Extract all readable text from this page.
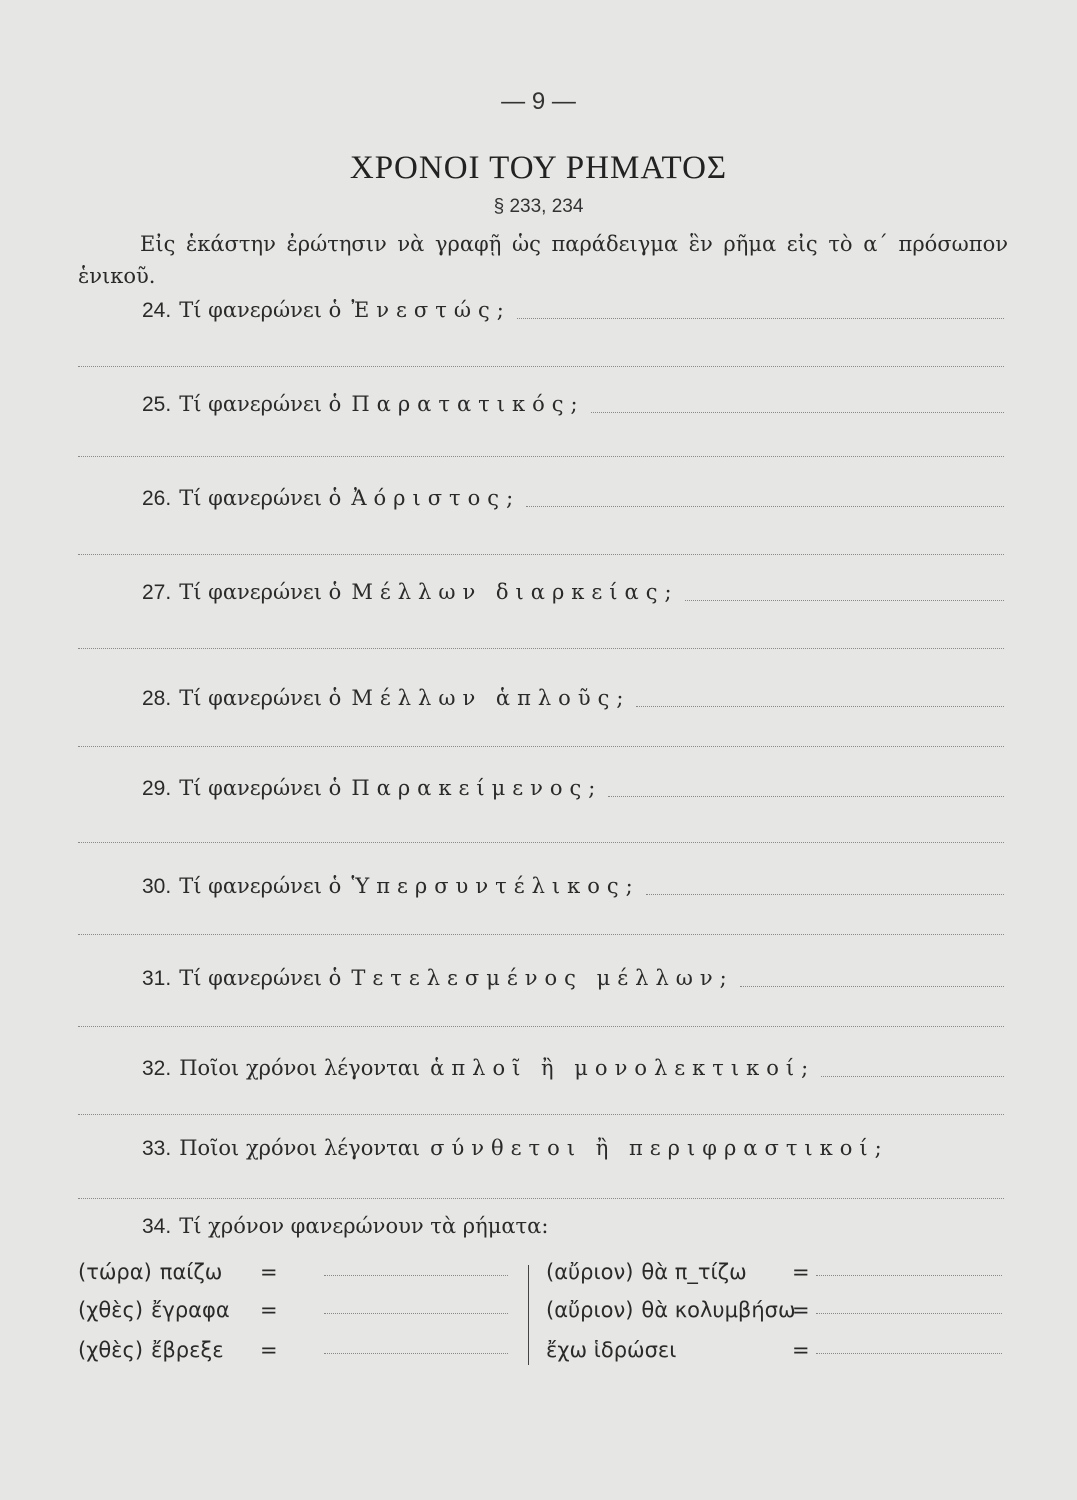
— 9 —
ΧΡΟΝΟΙ ΤΟΥ ΡΗΜΑΤΟΣ
§ 233, 234
Εἰς ἑκάστην ἐρώτησιν νὰ γραφῇ ὡς παράδειγμα ἓν ρῆμα εἰς τὸ α΄ πρόσωπον ἑνικοῦ.
24. Τί φανερώνει ὁ Ἐνεστώς;
25. Τί φανερώνει ὁ Παρατατικός;
26. Τί φανερώνει ὁ Ἀόριστος;
27. Τί φανερώνει ὁ Μέλλων διαρκείας;
28. Τί φανερώνει ὁ Μέλλων ἁπλοῦς;
29. Τί φανερώνει ὁ Παρακείμενος;
30. Τί φανερώνει ὁ Ὑπερσυντέλικος;
31. Τί φανερώνει ὁ Τετελεσμένος μέλλων;
32. Ποῖοι χρόνοι λέγονται ἁπλοῖ ἢ μονολεκτικοί;
33. Ποῖοι χρόνοι λέγονται σύνθετοι ἢ περιφραστικοί;
34. Τί χρόνον φανερώνουν τὰ ρήματα:
(τώρα) παίζω =
(χθὲς) ἔγραφα =
(χθὲς) ἔβρεξε =
(αὔριον) θὰ π_τίζω =
(αὔριον) θὰ κολυμβήσω
=
ἔχω ἱδρώσει	=
